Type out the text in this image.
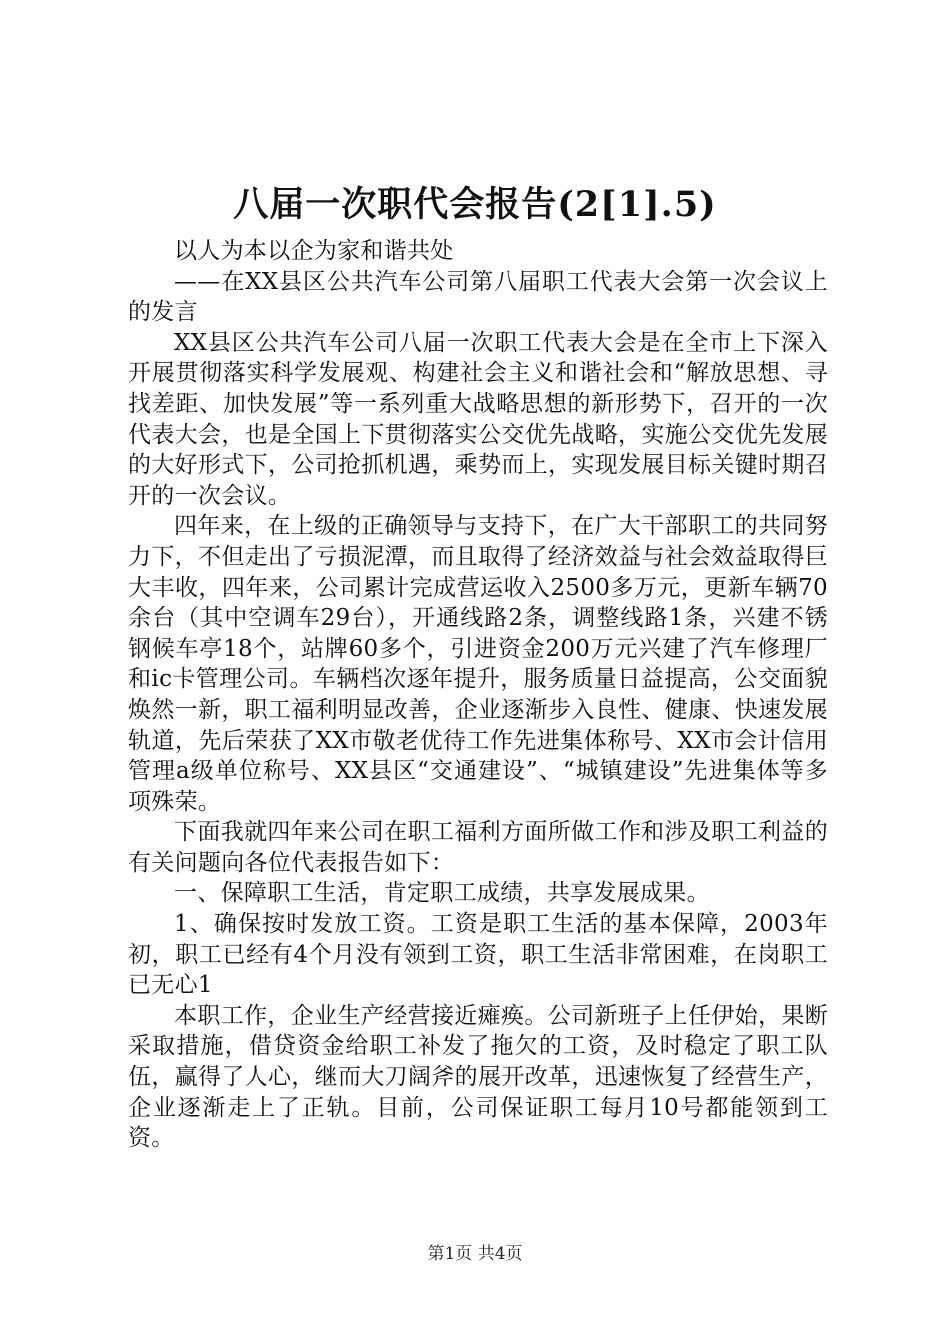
八届一次职代会报告(2[1].5)

以人为本以企为家和谐共处

——在XX县区公共汽车公司第八届职工代表大会第一次会议上的发言

XX县区公共汽车公司八届一次职工代表大会是在全市上下深入开展贯彻落实科学发展观、构建社会主义和谐社会和“解放思想、寻找差距、加快发展”等一系列重大战略思想的新形势下，召开的一次代表大会，也是全国上下贯彻落实公交优先战略，实施公交优先发展的大好形式下，公司抢抓机遇，乘势而上，实现发展目标关键时期召开的一次会议。

四年来，在上级的正确领导与支持下，在广大干部职工的共同努力下，不但走出了亏损泥潭，而且取得了经济效益与社会效益取得巨大丰收，四年来，公司累计完成营运收入2500多万元，更新车辆70余台（其中空调车29台），开通线路2条，调整线路1条，兴建不锈钢候车亭18个，站牌60多个，引进资金200万元兴建了汽车修理厂和ic卡管理公司。车辆档次逐年提升，服务质量日益提高，公交面貌焕然一新，职工福利明显改善，企业逐渐步入良性、健康、快速发展轨道，先后荣获了XX市敬老优待工作先进集体称号、XX市会计信用管理a级单位称号、XX县区“交通建设”、“城镇建设”先进集体等多项殊荣。

下面我就四年来公司在职工福利方面所做工作和涉及职工利益的有关问题向各位代表报告如下：

一、保障职工生活，肯定职工成绩，共享发展成果。

1、确保按时发放工资。工资是职工生活的基本保障，2003年初，职工已经有4个月没有领到工资，职工生活非常困难，在岗职工已无心1

本职工作，企业生产经营接近瘫痪。公司新班子上任伊始，果断采取措施，借贷资金给职工补发了拖欠的工资，及时稳定了职工队伍，赢得了人心，继而大刀阔斧的展开改革，迅速恢复了经营生产，企业逐渐走上了正轨。目前，公司保证职工每月10号都能领到工资。

第1页 共4页
